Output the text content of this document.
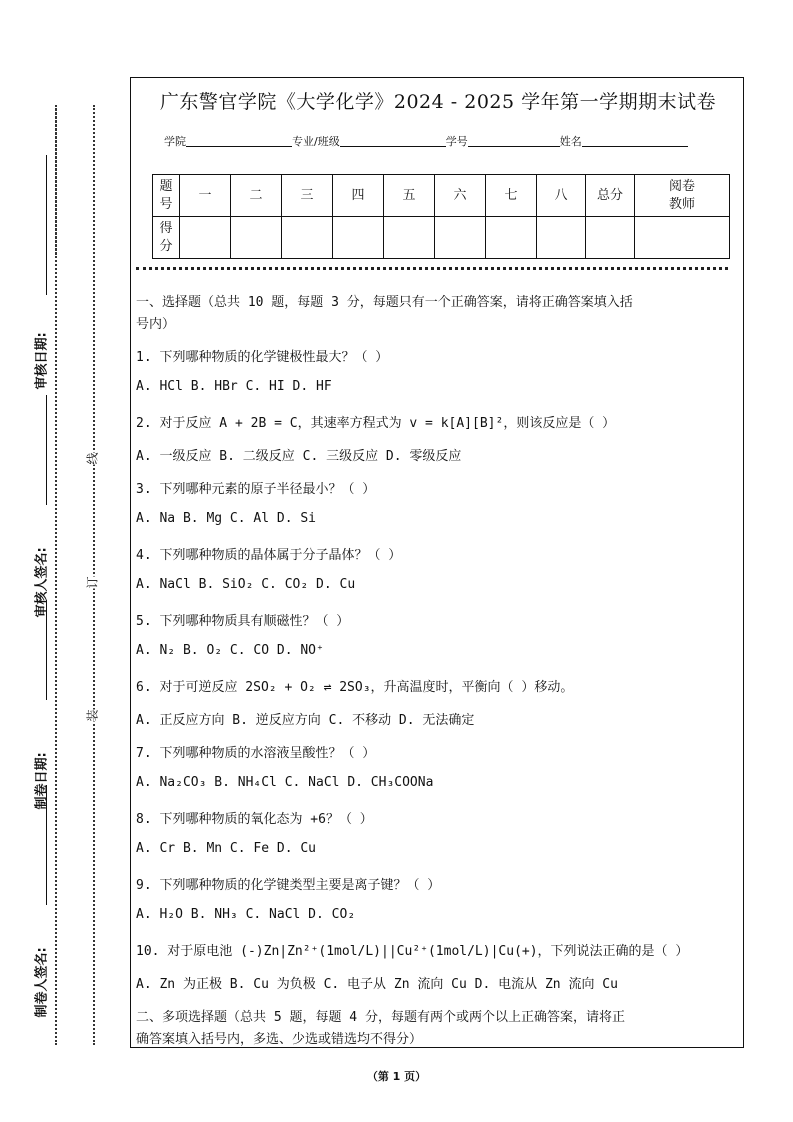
审核日期:
审核人签名:
制卷日期:
制卷人签名:
线
订
装
广东警官学院《大学化学》2024 - 2025 学年第一学期期末试卷
学院	专业/班级	学号	姓名
题号	一	二	三	四	五	六	七	八	总分	阅卷教师
得分										
一、选择题（总共 10 题，每题 3 分，每题只有一个正确答案，请将正确答案填入括
号内）
1. 下列哪种物质的化学键极性最大？（ ）
A. HCl B. HBr C. HI D. HF
2. 对于反应 A + 2B = C，其速率方程式为 v = k[A][B]²，则该反应是（ ）
A. 一级反应 B. 二级反应 C. 三级反应 D. 零级反应
3. 下列哪种元素的原子半径最小？（ ）
A. Na B. Mg C. Al D. Si
4. 下列哪种物质的晶体属于分子晶体？（ ）
A. NaCl B. SiO₂ C. CO₂ D. Cu
5. 下列哪种物质具有顺磁性？（ ）
A. N₂ B. O₂ C. CO D. NO⁺
6. 对于可逆反应 2SO₂ + O₂ ⇌ 2SO₃，升高温度时，平衡向（ ）移动。
A. 正反应方向 B. 逆反应方向 C. 不移动 D. 无法确定
7. 下列哪种物质的水溶液呈酸性？（ ）
A. Na₂CO₃ B. NH₄Cl C. NaCl D. CH₃COONa
8. 下列哪种物质的氧化态为 +6？（ ）
A. Cr B. Mn C. Fe D. Cu
9. 下列哪种物质的化学键类型主要是离子键？（ ）
A. H₂O B. NH₃ C. NaCl D. CO₂
10. 对于原电池 (-)Zn|Zn²⁺(1mol/L)||Cu²⁺(1mol/L)|Cu(+)，下列说法正确的是（ ）
A. Zn 为正极 B. Cu 为负极 C. 电子从 Zn 流向 Cu D. 电流从 Zn 流向 Cu
二、多项选择题（总共 5 题，每题 4 分，每题有两个或两个以上正确答案，请将正
确答案填入括号内，多选、少选或错选均不得分）
（第 1 页）
